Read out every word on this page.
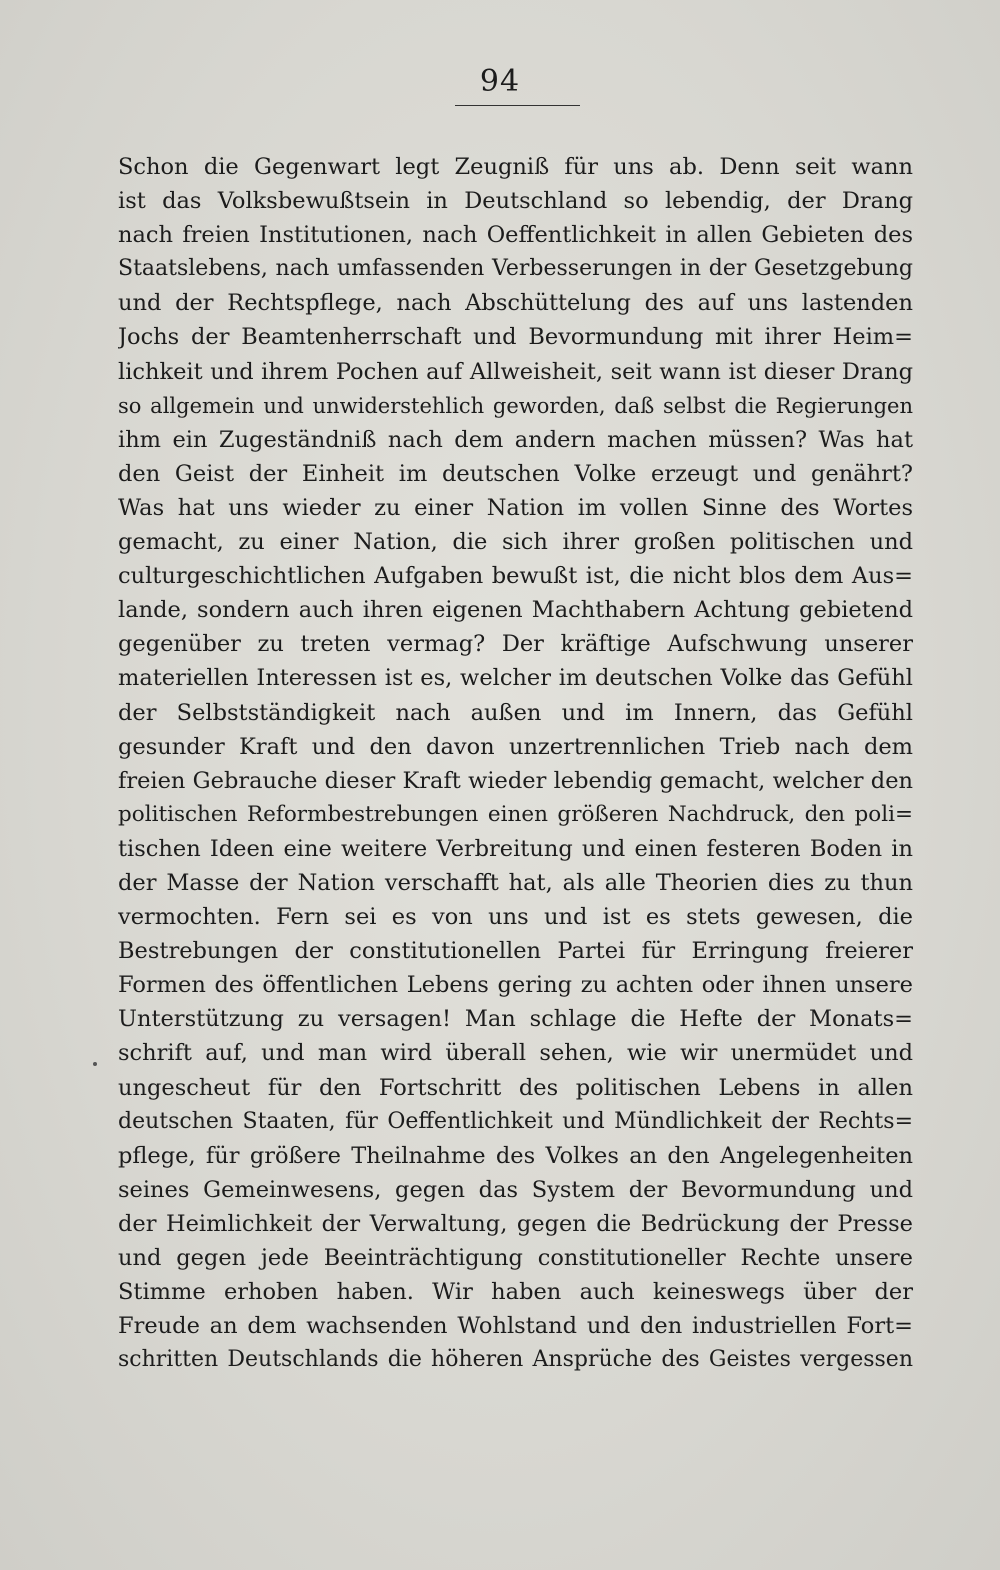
94
Schon die Gegenwart legt Zeugniß für uns ab. Denn seit wann
ist das Volksbewußtsein in Deutschland so lebendig, der Drang
nach freien Institutionen, nach Oeffentlichkeit in allen Gebieten des
Staatslebens, nach umfassenden Verbesserungen in der Gesetzgebung
und der Rechtspflege, nach Abschüttelung des auf uns lastenden
Jochs der Beamtenherrschaft und Bevormundung mit ihrer Heim=
lichkeit und ihrem Pochen auf Allweisheit, seit wann ist dieser Drang
so allgemein und unwiderstehlich geworden, daß selbst die Regierungen
ihm ein Zugeständniß nach dem andern machen müssen? Was hat
den Geist der Einheit im deutschen Volke erzeugt und genährt?
Was hat uns wieder zu einer Nation im vollen Sinne des Wortes
gemacht, zu einer Nation, die sich ihrer großen politischen und
culturgeschichtlichen Aufgaben bewußt ist, die nicht blos dem Aus=
lande, sondern auch ihren eigenen Machthabern Achtung gebietend
gegenüber zu treten vermag? Der kräftige Aufschwung unserer
materiellen Interessen ist es, welcher im deutschen Volke das Gefühl
der Selbstständigkeit nach außen und im Innern, das Gefühl
gesunder Kraft und den davon unzertrennlichen Trieb nach dem
freien Gebrauche dieser Kraft wieder lebendig gemacht, welcher den
politischen Reformbestrebungen einen größeren Nachdruck, den poli=
tischen Ideen eine weitere Verbreitung und einen festeren Boden in
der Masse der Nation verschafft hat, als alle Theorien dies zu thun
vermochten. Fern sei es von uns und ist es stets gewesen, die
Bestrebungen der constitutionellen Partei für Erringung freierer
Formen des öffentlichen Lebens gering zu achten oder ihnen unsere
Unterstützung zu versagen! Man schlage die Hefte der Monats=
schrift auf, und man wird überall sehen, wie wir unermüdet und
ungescheut für den Fortschritt des politischen Lebens in allen
deutschen Staaten, für Oeffentlichkeit und Mündlichkeit der Rechts=
pflege, für größere Theilnahme des Volkes an den Angelegenheiten
seines Gemeinwesens, gegen das System der Bevormundung und
der Heimlichkeit der Verwaltung, gegen die Bedrückung der Presse
und gegen jede Beeinträchtigung constitutioneller Rechte unsere
Stimme erhoben haben. Wir haben auch keineswegs über der
Freude an dem wachsenden Wohlstand und den industriellen Fort=
schritten Deutschlands die höheren Ansprüche des Geistes vergessen
